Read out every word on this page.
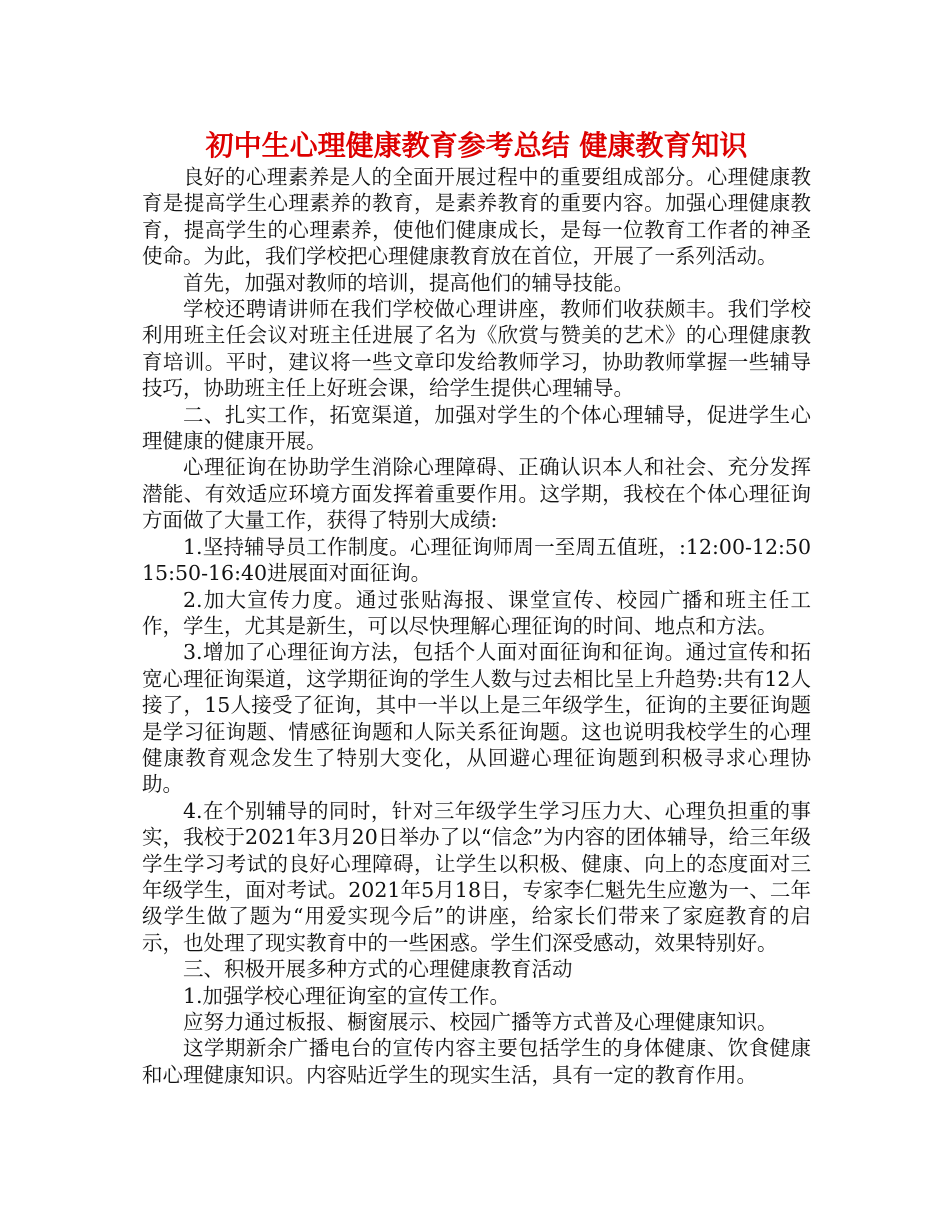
初中生心理健康教育参考总结 健康教育知识

良好的心理素养是人的全面开展过程中的重要组成部分。心理健康教育是提高学生心理素养的教育，是素养教育的重要内容。加强心理健康教育，提高学生的心理素养，使他们健康成长，是每一位教育工作者的神圣使命。为此，我们学校把心理健康教育放在首位，开展了一系列活动。

首先，加强对教师的培训，提高他们的辅导技能。

学校还聘请讲师在我们学校做心理讲座，教师们收获颇丰。我们学校利用班主任会议对班主任进展了名为《欣赏与赞美的艺术》的心理健康教育培训。平时，建议将一些文章印发给教师学习，协助教师掌握一些辅导技巧，协助班主任上好班会课，给学生提供心理辅导。

二、扎实工作，拓宽渠道，加强对学生的个体心理辅导，促进学生心理健康的健康开展。

心理征询在协助学生消除心理障碍、正确认识本人和社会、充分发挥潜能、有效适应环境方面发挥着重要作用。这学期，我校在个体心理征询方面做了大量工作，获得了特别大成绩:

1.坚持辅导员工作制度。心理征询师周一至周五值班，:12:00-12:50 15:50-16:40进展面对面征询。

2.加大宣传力度。通过张贴海报、课堂宣传、校园广播和班主任工作，学生，尤其是新生，可以尽快理解心理征询的时间、地点和方法。

3.增加了心理征询方法，包括个人面对面征询和征询。通过宣传和拓宽心理征询渠道，这学期征询的学生人数与过去相比呈上升趋势:共有12人接了，15人接受了征询，其中一半以上是三年级学生，征询的主要征询题是学习征询题、情感征询题和人际关系征询题。这也说明我校学生的心理健康教育观念发生了特别大变化，从回避心理征询题到积极寻求心理协助。

4.在个别辅导的同时，针对三年级学生学习压力大、心理负担重的事实，我校于2021年3月20日举办了以“信念”为内容的团体辅导，给三年级学生学习考试的良好心理障碍，让学生以积极、健康、向上的态度面对三年级学生，面对考试。2021年5月18日，专家李仁魁先生应邀为一、二年级学生做了题为“用爱实现今后”的讲座，给家长们带来了家庭教育的启示，也处理了现实教育中的一些困惑。学生们深受感动，效果特别好。

三、积极开展多种方式的心理健康教育活动

1.加强学校心理征询室的宣传工作。

应努力通过板报、橱窗展示、校园广播等方式普及心理健康知识。

这学期新余广播电台的宣传内容主要包括学生的身体健康、饮食健康和心理健康知识。内容贴近学生的现实生活，具有一定的教育作用。
